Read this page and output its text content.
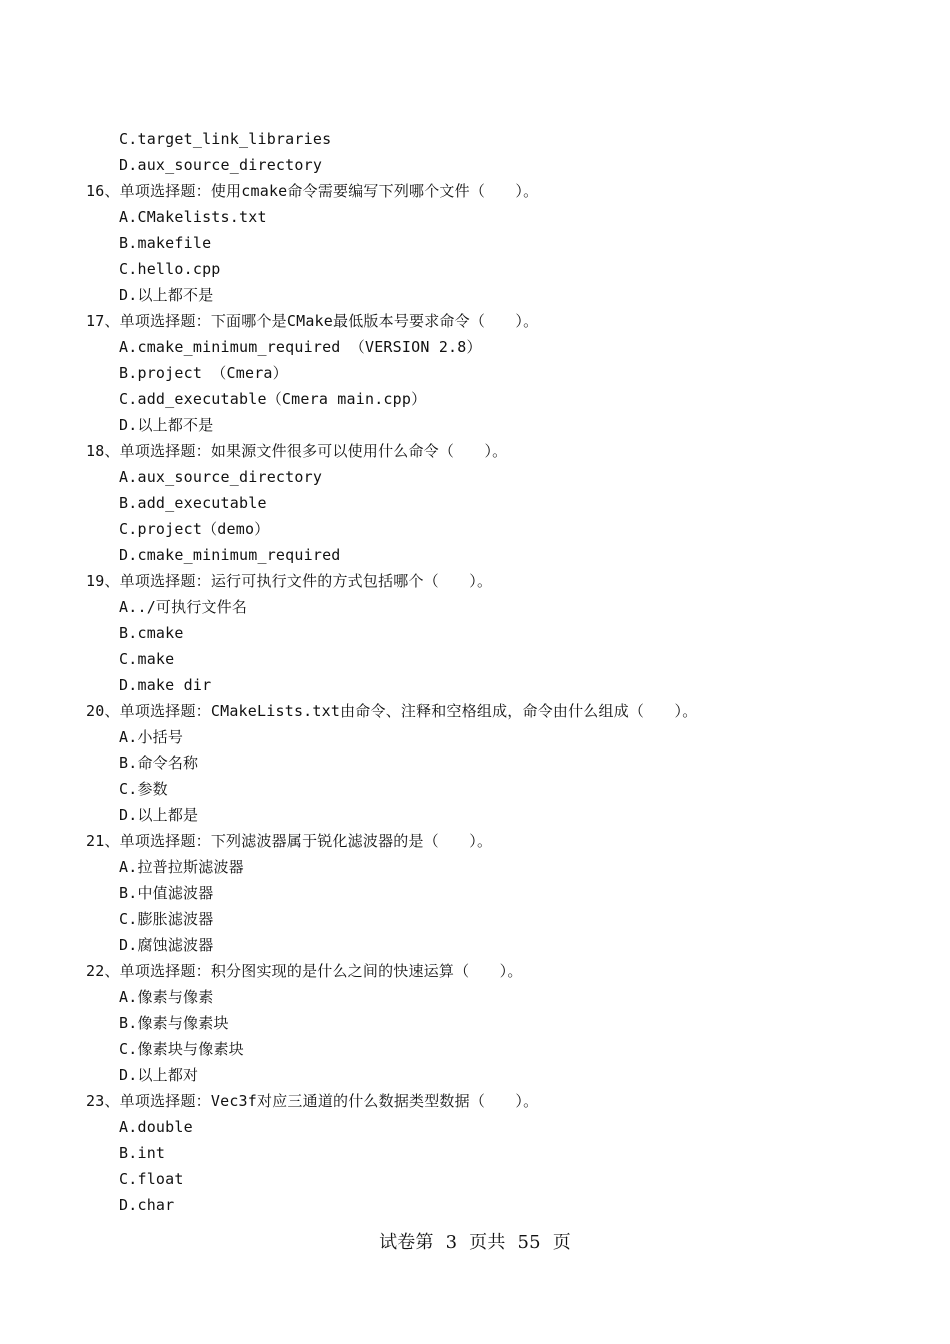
C.target_link_libraries
D.aux_source_directory
16、单项选择题：使用cmake命令需要编写下列哪个文件（　　）。
A.CMakelists.txt
B.makefile
C.hello.cpp
D.以上都不是
17、单项选择题：下面哪个是CMake最低版本号要求命令（　　）。
A.cmake_minimum_required （VERSION 2.8）
B.project （Cmera）
C.add_executable（Cmera main.cpp）
D.以上都不是
18、单项选择题：如果源文件很多可以使用什么命令（　　）。
A.aux_source_directory
B.add_executable
C.project（demo）
D.cmake_minimum_required
19、单项选择题：运行可执行文件的方式包括哪个（　　）。
A../可执行文件名
B.cmake
C.make
D.make dir
20、单项选择题：CMakeLists.txt由命令、注释和空格组成，命令由什么组成（　　）。
A.小括号
B.命令名称
C.参数
D.以上都是
21、单项选择题：下列滤波器属于锐化滤波器的是（　　）。
A.拉普拉斯滤波器
B.中值滤波器
C.膨胀滤波器
D.腐蚀滤波器
22、单项选择题：积分图实现的是什么之间的快速运算（　　）。
A.像素与像素
B.像素与像素块
C.像素块与像素块
D.以上都对
23、单项选择题：Vec3f对应三通道的什么数据类型数据（　　）。
A.double
B.int
C.float
D.char
试卷第 3 页共 55 页
